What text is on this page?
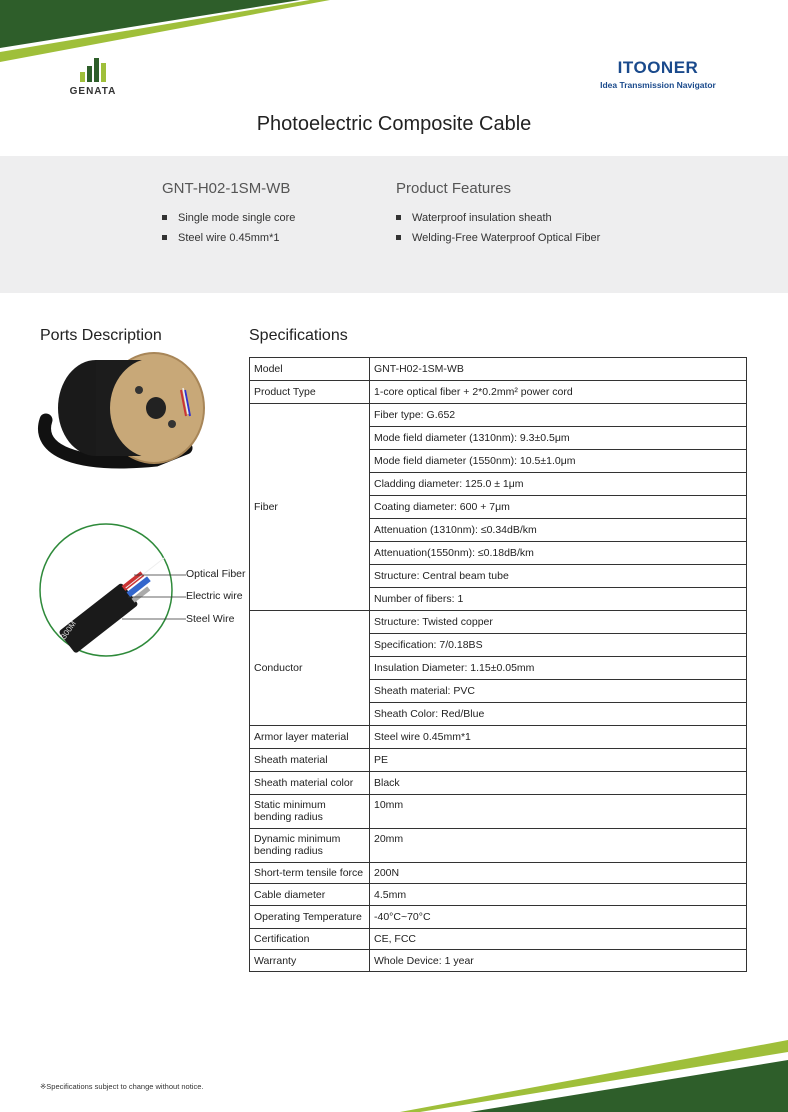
GENATA
ITOONER
Idea Transmission Navigator
Photoelectric Composite Cable
GNT-H02-1SM-WB
Single mode single core
Steel wire 0.45mm*1
Product Features
Waterproof insulation sheath
Welding-Free Waterproof Optical Fiber
Ports Description
300M
Optical Fiber
Electric wire
Steel Wire
Specifications
Model	GNT-H02-1SM-WB
Product Type	1-core optical fiber + 2*0.2mm² power cord
Fiber	Fiber type: G.652
	Mode field diameter (1310nm): 9.3±0.5μm
	Mode field diameter (1550nm): 10.5±1.0μm
	Cladding diameter: 125.0 ± 1μm
	Coating diameter: 600 + 7μm
	Attenuation (1310nm): ≤0.34dB/km
	Attenuation(1550nm): ≤0.18dB/km
	Structure: Central beam tube
	Number of fibers: 1
Conductor	Structure: Twisted copper
	Specification: 7/0.18BS
	Insulation Diameter: 1.15±0.05mm
	Sheath material: PVC
	Sheath Color: Red/Blue
Armor layer material	Steel wire 0.45mm*1
Sheath material	PE
Sheath material color	Black
Static minimum bending radius	10mm
Dynamic minimum bending radius	20mm
Short-term tensile force	200N
Cable diameter	4.5mm
Operating Temperature	-40°C~70°C
Certification	CE, FCC
Warranty	Whole Device: 1 year
※Specifications subject to change without notice.
